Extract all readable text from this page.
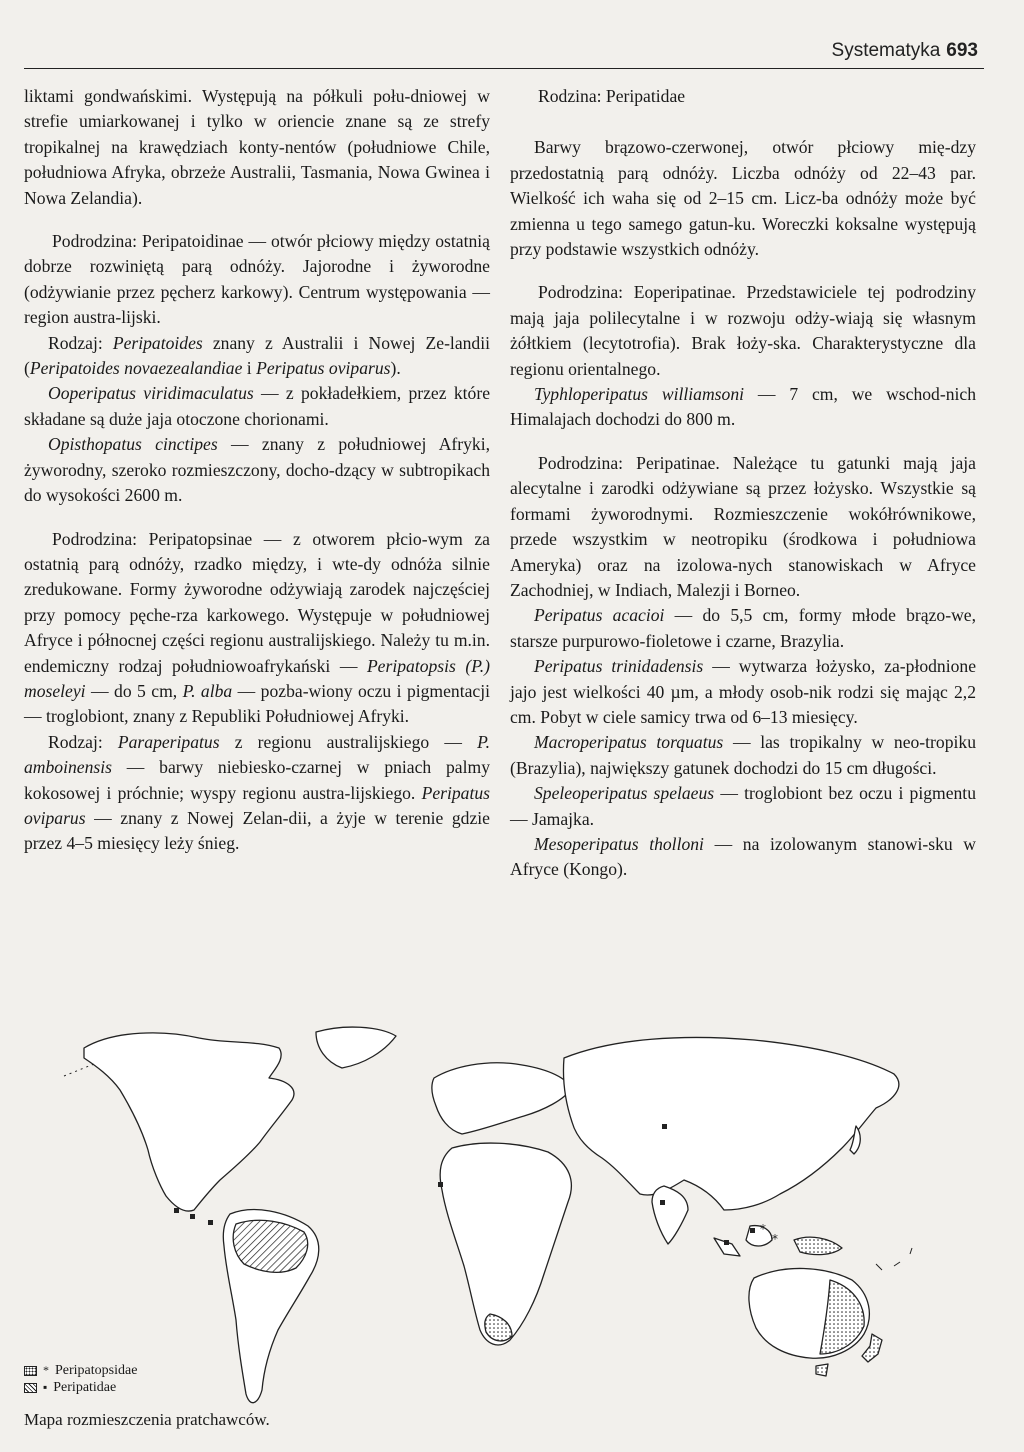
Systematyka 693

liktami gondwańskimi. Występują na półkuli połu-dniowej w strefie umiarkowanej i tylko w oriencie znane są ze strefy tropikalnej na krawędziach konty-nentów (południowe Chile, południowa Afryka, obrzeże Australii, Tasmania, Nowa Gwinea i Nowa Zelandia).

Podrodzina: Peripatoidinae — otwór płciowy między ostatnią dobrze rozwiniętą parą odnóży. Jajorodne i żyworodne (odżywianie przez pęcherz karkowy). Centrum występowania — region austra-lijski.

Rodzaj: Peripatoides znany z Australii i Nowej Ze-landii (Peripatoides novaezealandiae i Peripatus oviparus).

Ooperipatus viridimaculatus — z pokładełkiem, przez które składane są duże jaja otoczone chorionami.

Opisthopatus cinctipes — znany z południowej Afryki, żyworodny, szeroko rozmieszczony, docho-dzący w subtropikach do wysokości 2600 m.

Podrodzina: Peripatopsinae — z otworem płcio-wym za ostatnią parą odnóży, rzadko między, i wte-dy odnóża silnie zredukowane. Formy żyworodne odżywiają zarodek najczęściej przy pomocy pęche-rza karkowego. Występuje w południowej Afryce i północnej części regionu australijskiego. Należy tu m.in. endemiczny rodzaj południowoafrykański — Peripatopsis (P.) moseleyi — do 5 cm, P. alba — pozba-wiony oczu i pigmentacji — troglobiont, znany z Republiki Południowej Afryki.

Rodzaj: Paraperipatus z regionu australijskiego — P. amboinensis — barwy niebiesko-czarnej w pniach palmy kokosowej i próchnie; wyspy regionu austra-lijskiego. Peripatus oviparus — znany z Nowej Zelan-dii, a żyje w terenie gdzie przez 4–5 miesięcy leży śnieg.

Rodzina: Peripatidae

Barwy brązowo-czerwonej, otwór płciowy mię-dzy przedostatnią parą odnóży. Liczba odnóży od 22–43 par. Wielkość ich waha się od 2–15 cm. Licz-ba odnóży może być zmienna u tego samego gatun-ku. Woreczki koksalne występują przy podstawie wszystkich odnóży.

Podrodzina: Eoperipatinae. Przedstawiciele tej podrodziny mają jaja polilecytalne i w rozwoju odży-wiają się własnym żółtkiem (lecytotrofia). Brak łoży-ska. Charakterystyczne dla regionu orientalnego.

Typhloperipatus williamsoni — 7 cm, we wschod-nich Himalajach dochodzi do 800 m.

Podrodzina: Peripatinae. Należące tu gatunki mają jaja alecytalne i zarodki odżywiane są przez łożysko. Wszystkie są formami żyworodnymi. Rozmieszczenie wokółrównikowe, przede wszystkim w neotropiku (środkowa i południowa Ameryka) oraz na izolowa-nych stanowiskach w Afryce Zachodniej, w Indiach, Malezji i Borneo.

Peripatus acacioi — do 5,5 cm, formy młode brązo-we, starsze purpurowo-fioletowe i czarne, Brazylia.

Peripatus trinidadensis — wytwarza łożysko, za-płodnione jajo jest wielkości 40 µm, a młody osob-nik rodzi się mając 2,2 cm. Pobyt w ciele samicy trwa od 6–13 miesięcy.

Macroperipatus torquatus — las tropikalny w neo-tropiku (Brazylia), największy gatunek dochodzi do 15 cm długości.

Speleoperipatus spelaeus — troglobiont bez oczu i pigmentu — Jamajka.

Mesoperipatus tholloni — na izolowanym stanowi-sku w Afryce (Kongo).

*
*
* Peripatopsidae
▪ Peripatidae
Mapa rozmieszczenia pratchawców.
